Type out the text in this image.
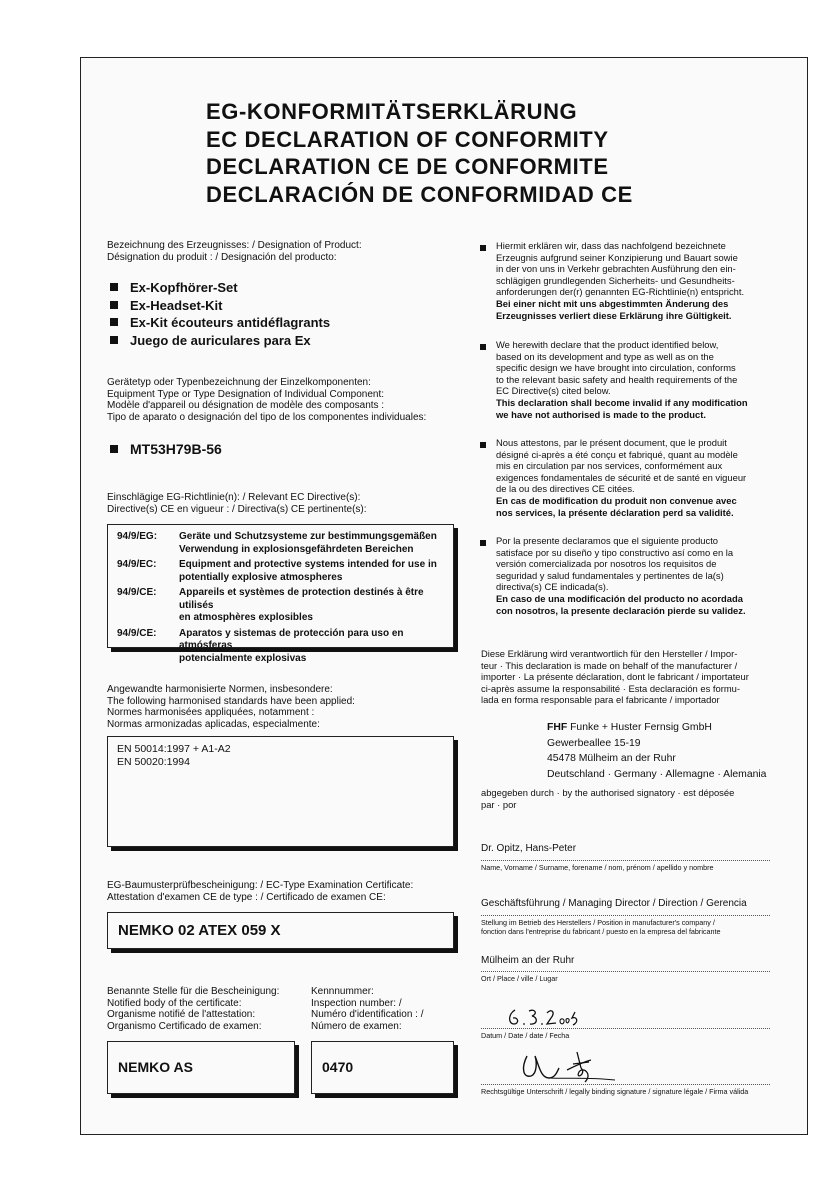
EG-KONFORMITÄTSERKLÄRUNG
EC DECLARATION OF CONFORMITY
DECLARATION CE DE CONFORMITE
DECLARACIÓN DE CONFORMIDAD CE
Bezeichnung des Erzeugnisses: / Designation of Product:
Désignation du produit : / Designación del producto:
Ex-Kopfhörer-Set
Ex-Headset-Kit
Ex-Kit écouteurs antidéflagrants
Juego de auriculares para Ex
Gerätetyp oder Typenbezeichnung der Einzelkomponenten:
Equipment Type or Type Designation of Individual Component:
Modèle d'appareil ou désignation de modèle des composants :
Tipo de aparato o designación del tipo de los componentes individuales:
MT53H79B-56
Einschlägige EG-Richtlinie(n): / Relevant EC Directive(s):
Directive(s) CE en vigueur : / Directiva(s) CE pertinente(s):
94/9/EG:	Geräte und Schutzsysteme zur bestimmungsgemäßen
Verwendung in explosionsgefährdeten Bereichen
94/9/EC:	Equipment and protective systems intended for use in
potentially explosive atmospheres
94/9/CE:	Appareils et systèmes de protection destinés à être utilisés
en atmosphères explosibles
94/9/CE:	Aparatos y sistemas de protección para uso en atmósferas
potencialmente explosivas
Angewandte harmonisierte Normen, insbesondere:
The following harmonised standards have been applied:
Normes harmonisées appliquées, notamment :
Normas armonizadas aplicadas, especialmente:
EN 50014:1997 + A1-A2
EN 50020:1994
EG-Baumusterprüfbescheinigung: / EC-Type Examination Certificate:
Attestation d'examen CE de type : / Certificado de examen CE:
NEMKO 02 ATEX 059 X
Benannte Stelle für die Bescheinigung:
Notified body of the certificate:
Organisme notifié de l'attestation:
Organismo Certificado de examen:
Kennnummer:
Inspection number: /
Numéro d'identification : /
Número de examen:
NEMKO AS	0470
Hiermit erklären wir, dass das nachfolgend bezeichnete
Erzeugnis aufgrund seiner Konzipierung und Bauart sowie
in der von uns in Verkehr gebrachten Ausführung den ein-
schlägigen grundlegenden Sicherheits- und Gesundheits-
anforderungen der(r) genannten EG-Richtlinie(n) entspricht.
Bei einer nicht mit uns abgestimmten Änderung des
Erzeugnisses verliert diese Erklärung ihre Gültigkeit.
We herewith declare that the product identified below,
based on its development and type as well as on the
specific design we have brought into circulation, conforms
to the relevant basic safety and health requirements of the
EC Directive(s) cited below.
This declaration shall become invalid if any modification
we have not authorised is made to the product.
Nous attestons, par le présent document, que le produit
désigné ci-après a été conçu et fabriqué, quant au modèle
mis en circulation par nos services, conformément aux
exigences fondamentales de sécurité et de santé en vigueur
de la ou des directives CE citées.
En cas de modification du produit non convenue avec
nos services, la présente déclaration perd sa validité.
Por la presente declaramos que el siguiente producto
satisface por su diseño y tipo constructivo así como en la
versión comercializada por nosotros los requisitos de
seguridad y salud fundamentales y pertinentes de la(s)
directiva(s) CE indicada(s).
En caso de una modificación del producto no acordada
con nosotros, la presente declaración pierde su validez.
Diese Erklärung wird verantwortlich für den Hersteller / Impor-
teur · This declaration is made on behalf of the manufacturer /
importer · La présente déclaration, dont le fabricant / importateur
ci-après assume la responsabilité · Esta declaración es formu-
lada en forma responsable para el fabricante / importador
FHF Funke + Huster Fernsig GmbH
Gewerbeallee 15-19
45478 Mülheim an der Ruhr
Deutschland · Germany · Allemagne · Alemania
abgegeben durch · by the authorised signatory · est déposée
par · por
Dr. Opitz, Hans-Peter
Name, Vorname / Surname, forename / nom, prénom / apellido y nombre
Geschäftsführung / Managing Director / Direction / Gerencia
Stellung im Betrieb des Herstellers / Position in manufacturer's company /
fonction dans l'entreprise du fabricant / puesto en la empresa del fabricante
Mülheim an der Ruhr
Ort / Place / ville / Lugar
Datum / Date / date / Fecha
Rechtsgültige Unterschrift / legally binding signature / signature légale / Firma válida
